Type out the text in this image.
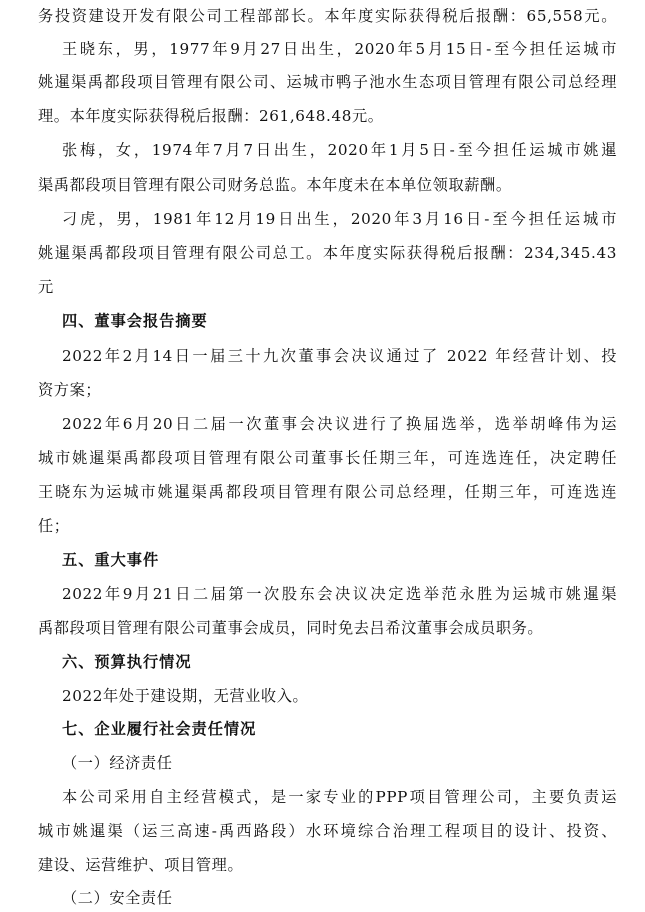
务投资建设开发有限公司工程部部长。本年度实际获得税后报酬：65,558元。
王晓东，男，1977年9月27日出生，2020年5月15日-至今担任运城市
姚暹渠禹都段项目管理有限公司、运城市鸭子池水生态项目管理有限公司总经理
理。本年度实际获得税后报酬：261,648.48元。
张梅，女，1974年7月7日出生，2020年1月5日-至今担任运城市姚暹
渠禹都段项目管理有限公司财务总监。本年度未在本单位领取薪酬。
刁虎，男，1981年12月19日出生，2020年3月16日-至今担任运城市
姚暹渠禹都段项目管理有限公司总工。本年度实际获得税后报酬：234,345.43
元
四、董事会报告摘要
2022年2月14日一届三十九次董事会决议通过了 2022 年经营计划、投
资方案；
2022年6月20日二届一次董事会决议进行了换届选举，选举胡峰伟为运
城市姚暹渠禹都段项目管理有限公司董事长任期三年，可连选连任，决定聘任
王晓东为运城市姚暹渠禹都段项目管理有限公司总经理，任期三年，可连选连
任；
五、重大事件
2022年9月21日二届第一次股东会决议决定选举范永胜为运城市姚暹渠
禹都段项目管理有限公司董事会成员，同时免去吕希汶董事会成员职务。
六、预算执行情况
2022年处于建设期，无营业收入。
七、企业履行社会责任情况
（一）经济责任
本公司采用自主经营模式，是一家专业的PPP项目管理公司，主要负责运
城市姚暹渠（运三高速-禹西路段）水环境综合治理工程项目的设计、投资、
建设、运营维护、项目管理。
（二）安全责任
